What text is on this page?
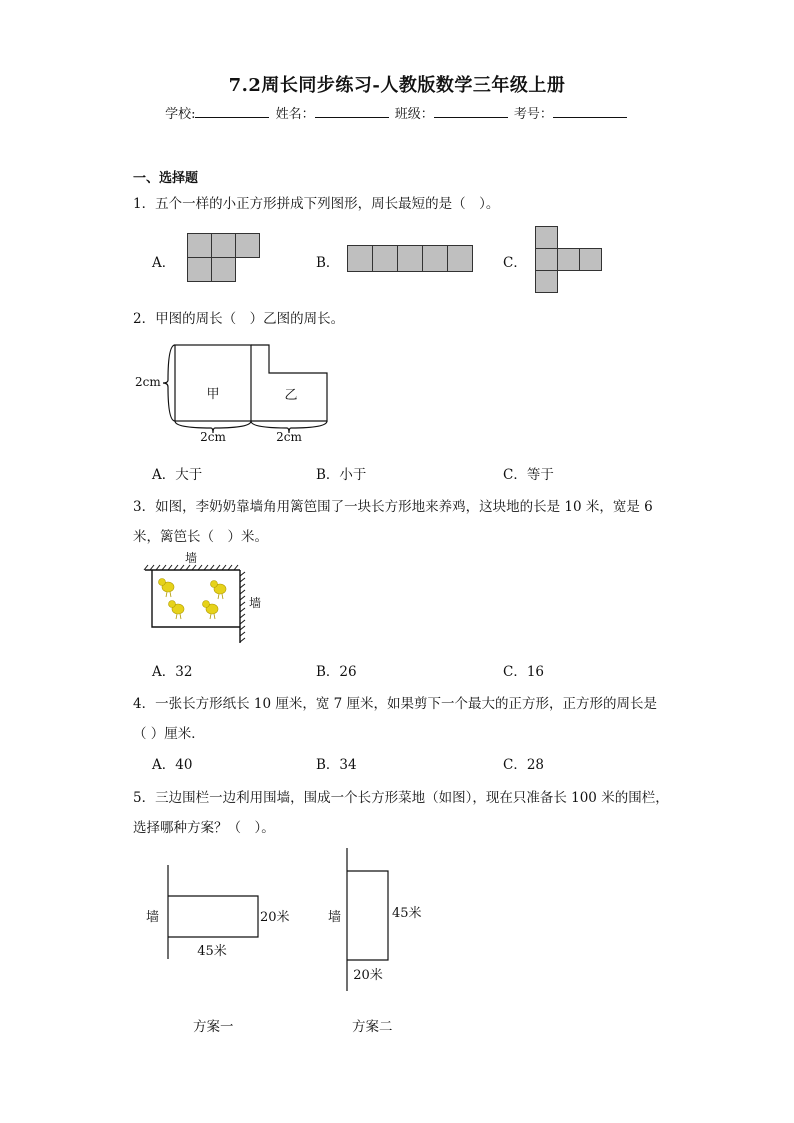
7.2周长同步练习-人教版数学三年级上册
学校:	姓名：	班级：	考号：
一、选择题
1．五个一样的小正方形拼成下列图形，周长最短的是（　）。
A．	B．	C．
2．甲图的周长（　）乙图的周长。
甲	乙
2cm
2cm	2cm
A．大于	B．小于	C．等于
3．如图，李奶奶靠墙角用篱笆围了一块长方形地来养鸡，这块地的长是 10 米，宽是 6
米，篱笆长（　）米。
墙
墙
A．32	B．26	C．16
4．一张长方形纸长 10 厘米，宽 7 厘米，如果剪下一个最大的正方形，正方形的周长是
（ ）厘米．
A．40	B．34	C．28
5．三边围栏一边利用围墙，围成一个长方形菜地（如图），现在只准备长 100 米的围栏，
选择哪种方案？（　）。
墙	20米
45米
墙	45米
20米
方案一	方案二
